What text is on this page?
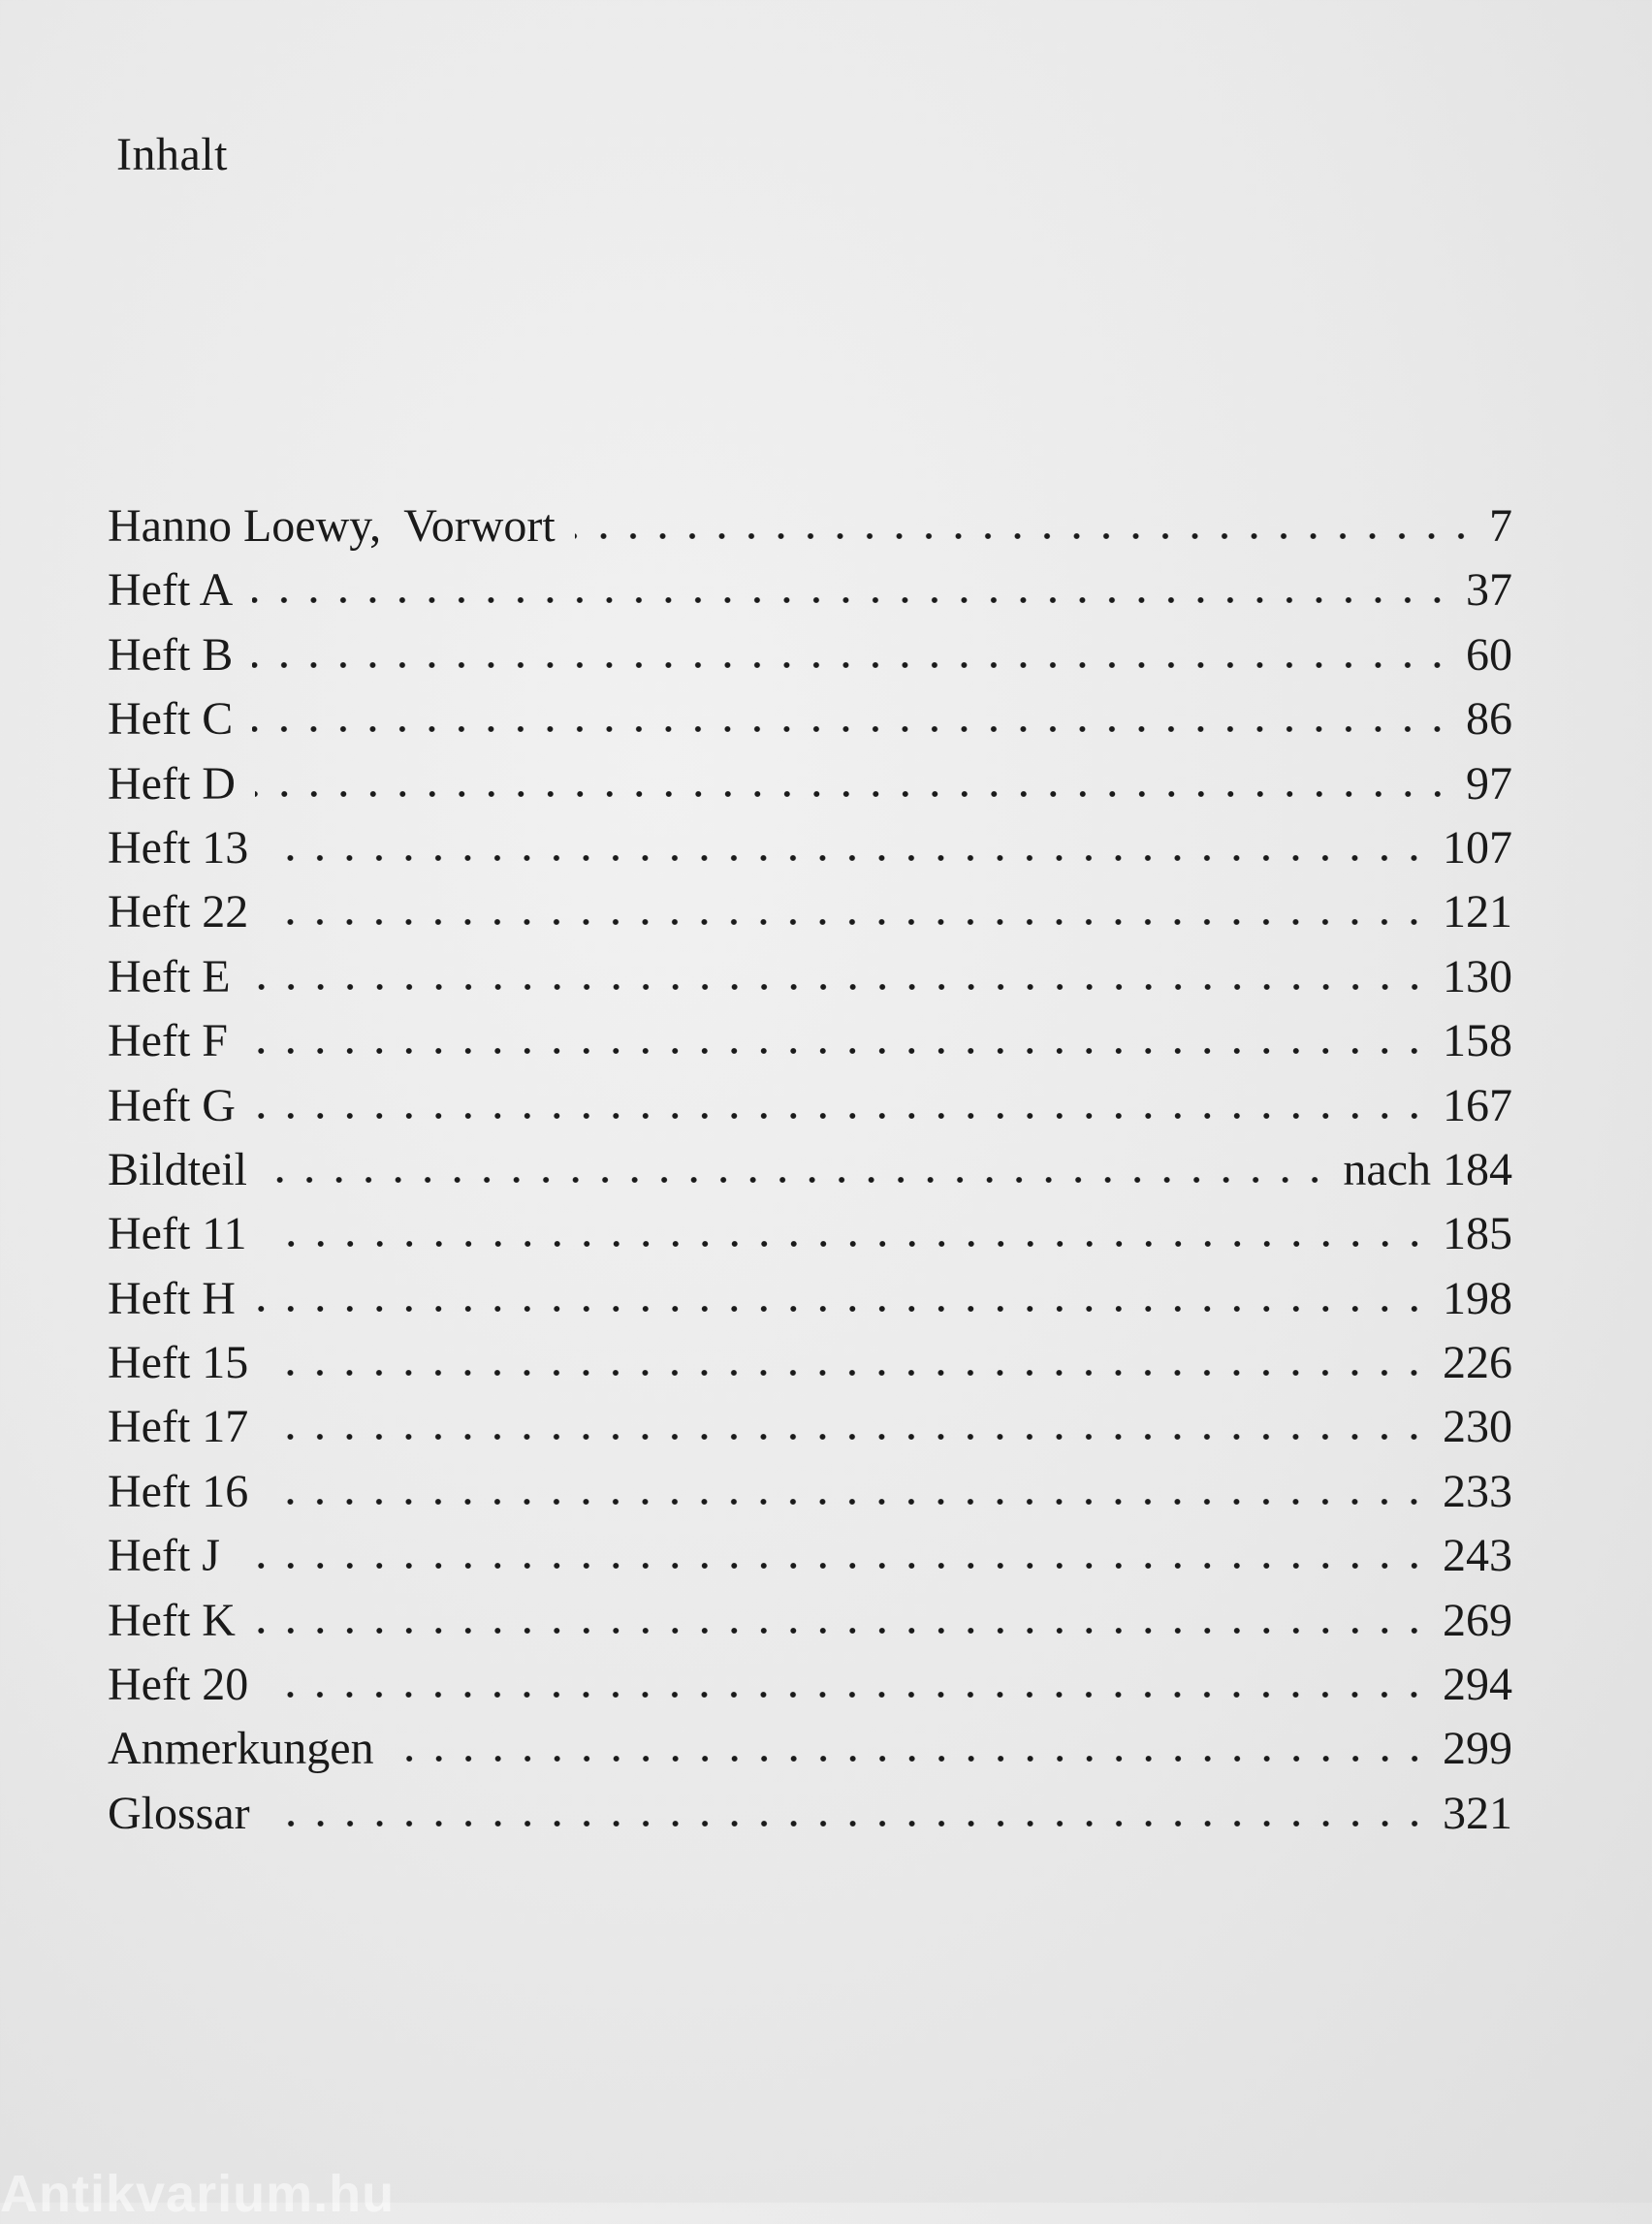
Inhalt
Hanno Loewy,  Vorwort	7
Heft A	37
Heft B	60
Heft C	86
Heft D	97
Heft 13	107
Heft 22	121
Heft E	130
Heft F	158
Heft G	167
Bildteil	nach 184
Heft 11	185
Heft H	198
Heft 15	226
Heft 17	230
Heft 16	233
Heft J	243
Heft K	269
Heft 20	294
Anmerkungen	299
Glossar	321
Antikvarium.hu
